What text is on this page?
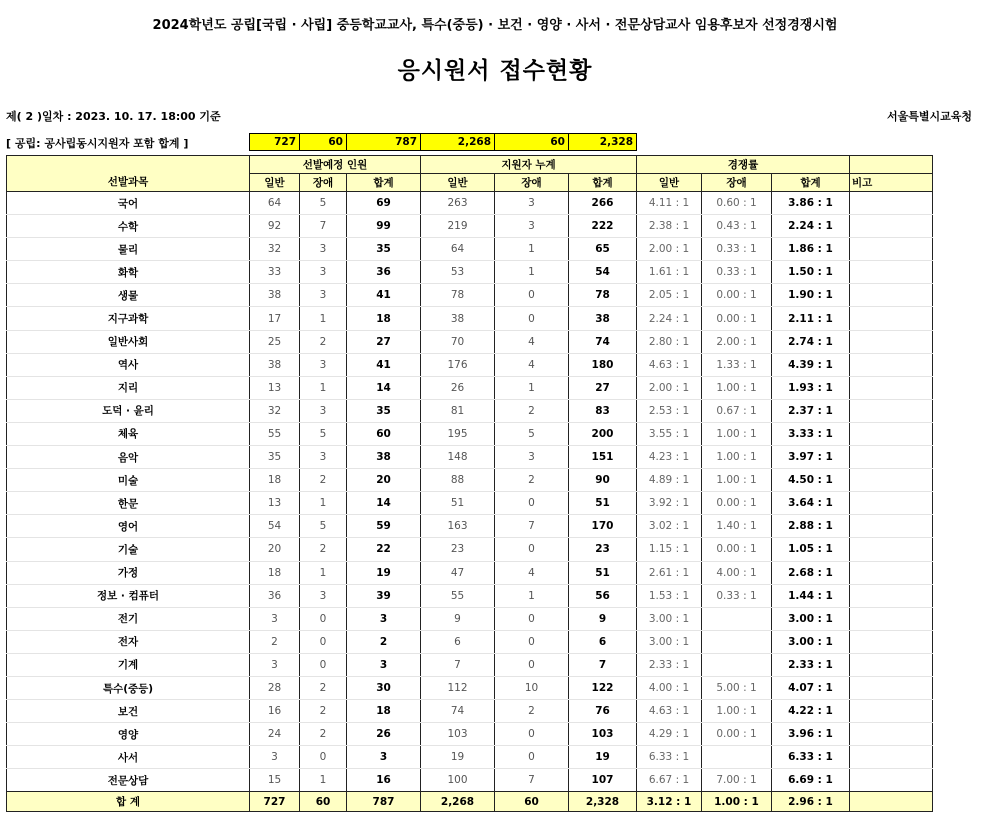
2024학년도 공립[국립 · 사립] 중등학교교사, 특수(중등) · 보건 · 영양 · 사서 · 전문상담교사 임용후보자 선정경쟁시험
응시원서 접수현황
제( 2 )일차 : 2023. 10. 17. 18:00 기준	서울특별시교육청
[ 공립: 공사립동시지원자 포함 합계 ]	727	60	787	2,268	60	2,328
선발과목	선발예정 인원			지원자 누계			경쟁률			
	일반	장애	합계	일반	장애	합계	일반	장애	합계	비고
국어	64	5	69	263	3	266	4.11 : 1	0.60 : 1	3.86 : 1	
수학	92	7	99	219	3	222	2.38 : 1	0.43 : 1	2.24 : 1	
물리	32	3	35	64	1	65	2.00 : 1	0.33 : 1	1.86 : 1	
화학	33	3	36	53	1	54	1.61 : 1	0.33 : 1	1.50 : 1	
생물	38	3	41	78	0	78	2.05 : 1	0.00 : 1	1.90 : 1	
지구과학	17	1	18	38	0	38	2.24 : 1	0.00 : 1	2.11 : 1	
일반사회	25	2	27	70	4	74	2.80 : 1	2.00 : 1	2.74 : 1	
역사	38	3	41	176	4	180	4.63 : 1	1.33 : 1	4.39 : 1	
지리	13	1	14	26	1	27	2.00 : 1	1.00 : 1	1.93 : 1	
도덕 · 윤리	32	3	35	81	2	83	2.53 : 1	0.67 : 1	2.37 : 1	
체육	55	5	60	195	5	200	3.55 : 1	1.00 : 1	3.33 : 1	
음악	35	3	38	148	3	151	4.23 : 1	1.00 : 1	3.97 : 1	
미술	18	2	20	88	2	90	4.89 : 1	1.00 : 1	4.50 : 1	
한문	13	1	14	51	0	51	3.92 : 1	0.00 : 1	3.64 : 1	
영어	54	5	59	163	7	170	3.02 : 1	1.40 : 1	2.88 : 1	
기술	20	2	22	23	0	23	1.15 : 1	0.00 : 1	1.05 : 1	
가정	18	1	19	47	4	51	2.61 : 1	4.00 : 1	2.68 : 1	
정보 · 컴퓨터	36	3	39	55	1	56	1.53 : 1	0.33 : 1	1.44 : 1	
전기	3	0	3	9	0	9	3.00 : 1		3.00 : 1	
전자	2	0	2	6	0	6	3.00 : 1		3.00 : 1	
기계	3	0	3	7	0	7	2.33 : 1		2.33 : 1	
특수(중등)	28	2	30	112	10	122	4.00 : 1	5.00 : 1	4.07 : 1	
보건	16	2	18	74	2	76	4.63 : 1	1.00 : 1	4.22 : 1	
영양	24	2	26	103	0	103	4.29 : 1	0.00 : 1	3.96 : 1	
사서	3	0	3	19	0	19	6.33 : 1		6.33 : 1	
전문상담	15	1	16	100	7	107	6.67 : 1	7.00 : 1	6.69 : 1	
합 계	727	60	787	2,268	60	2,328	3.12 : 1	1.00 : 1	2.96 : 1	
